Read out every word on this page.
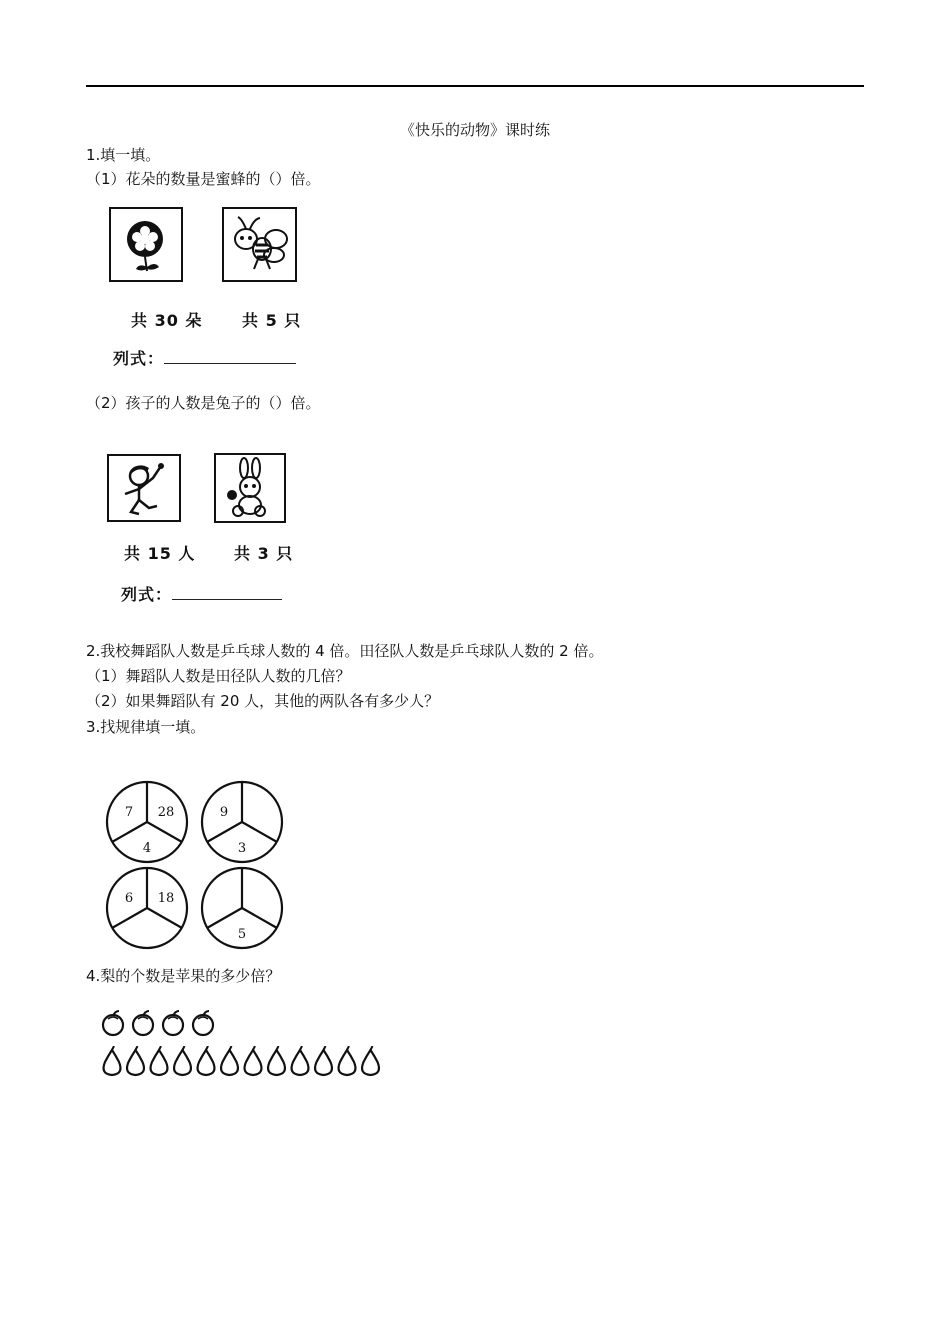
《快乐的动物》课时练
1.填一填。
（1）花朵的数量是蜜蜂的（）倍。
共 30 朵 共 5 只
列式：
（2）孩子的人数是兔子的（）倍。
共 15 人 共 3 只
列式：
2.我校舞蹈队人数是乒乓球人数的 4 倍。田径队人数是乒乓球队人数的 2 倍。
（1）舞蹈队人数是田径队人数的几倍？
（2）如果舞蹈队有 20 人，其他的两队各有多少人？
3.找规律填一填。
7 28
4
9
3
6 18
5
4.梨的个数是苹果的多少倍？
